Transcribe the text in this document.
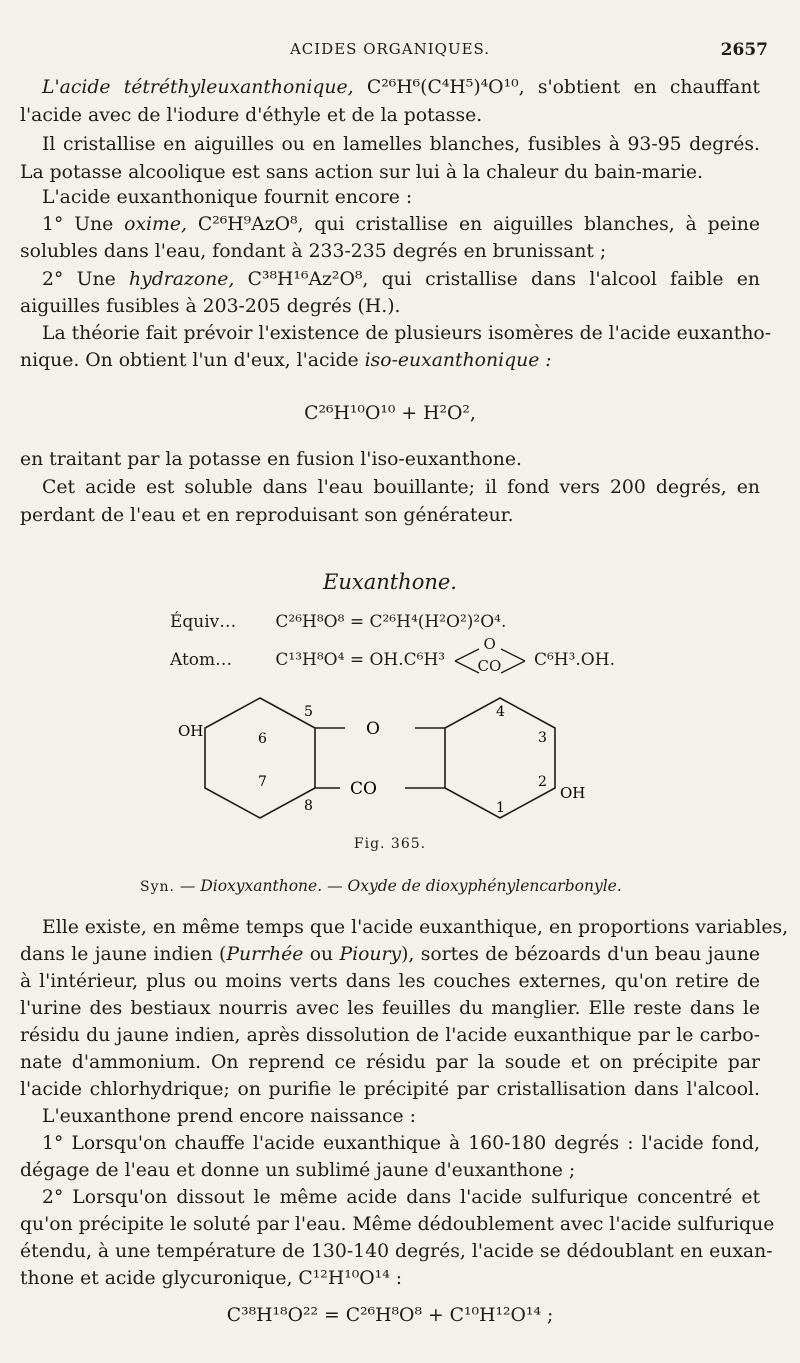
ACIDES ORGANIQUES.	2657
L'acide tétréthyleuxanthonique, C²⁶H⁶(C⁴H⁵)⁴O¹⁰, s'obtient en chauffant
l'acide avec de l'iodure d'éthyle et de la potasse.
Il cristallise en aiguilles ou en lamelles blanches, fusibles à 93-95 degrés.
La potasse alcoolique est sans action sur lui à la chaleur du bain-marie.
L'acide euxanthonique fournit encore :
1° Une oxime, C²⁶H⁹AzO⁸, qui cristallise en aiguilles blanches, à peine
solubles dans l'eau, fondant à 233-235 degrés en brunissant ;
2° Une hydrazone, C³⁸H¹⁶Az²O⁸, qui cristallise dans l'alcool faible en
aiguilles fusibles à 203-205 degrés (H.).
La théorie fait prévoir l'existence de plusieurs isomères de l'acide euxantho-
nique. On obtient l'un d'eux, l'acide iso-euxanthonique :
C²⁶H¹⁰O¹⁰ + H²O²,
en traitant par la potasse en fusion l'iso-euxanthone.
Cet acide est soluble dans l'eau bouillante; il fond vers 200 degrés, en
perdant de l'eau et en reproduisant son générateur.
Euxanthone.
Équiv… C²⁶H⁸O⁸ = C²⁶H⁴(H²O²)²O⁴.
Atom…	C¹³H⁸O⁴ = OH.C⁶H³
O
CO C⁶H³.OH.
O
CO
OH
OH
5
6
7
8
4
3
2
1
Fig. 365.
Syn. — Dioxyxanthone. — Oxyde de dioxyphénylencarbonyle.
Elle existe, en même temps que l'acide euxanthique, en proportions variables,
dans le jaune indien (Purrhée ou Pioury), sortes de bézoards d'un beau jaune
à l'intérieur, plus ou moins verts dans les couches externes, qu'on retire de
l'urine des bestiaux nourris avec les feuilles du manglier. Elle reste dans le
résidu du jaune indien, après dissolution de l'acide euxanthique par le carbo-
nate d'ammonium. On reprend ce résidu par la soude et on précipite par
l'acide chlorhydrique; on purifie le précipité par cristallisation dans l'alcool.
L'euxanthone prend encore naissance :
1° Lorsqu'on chauffe l'acide euxanthique à 160-180 degrés : l'acide fond,
dégage de l'eau et donne un sublimé jaune d'euxanthone ;
2° Lorsqu'on dissout le même acide dans l'acide sulfurique concentré et
qu'on précipite le soluté par l'eau. Même dédoublement avec l'acide sulfurique
étendu, à une température de 130-140 degrés, l'acide se dédoublant en euxan-
thone et acide glycuronique, C¹²H¹⁰O¹⁴ :
C³⁸H¹⁸O²² = C²⁶H⁸O⁸ + C¹⁰H¹²O¹⁴ ;
